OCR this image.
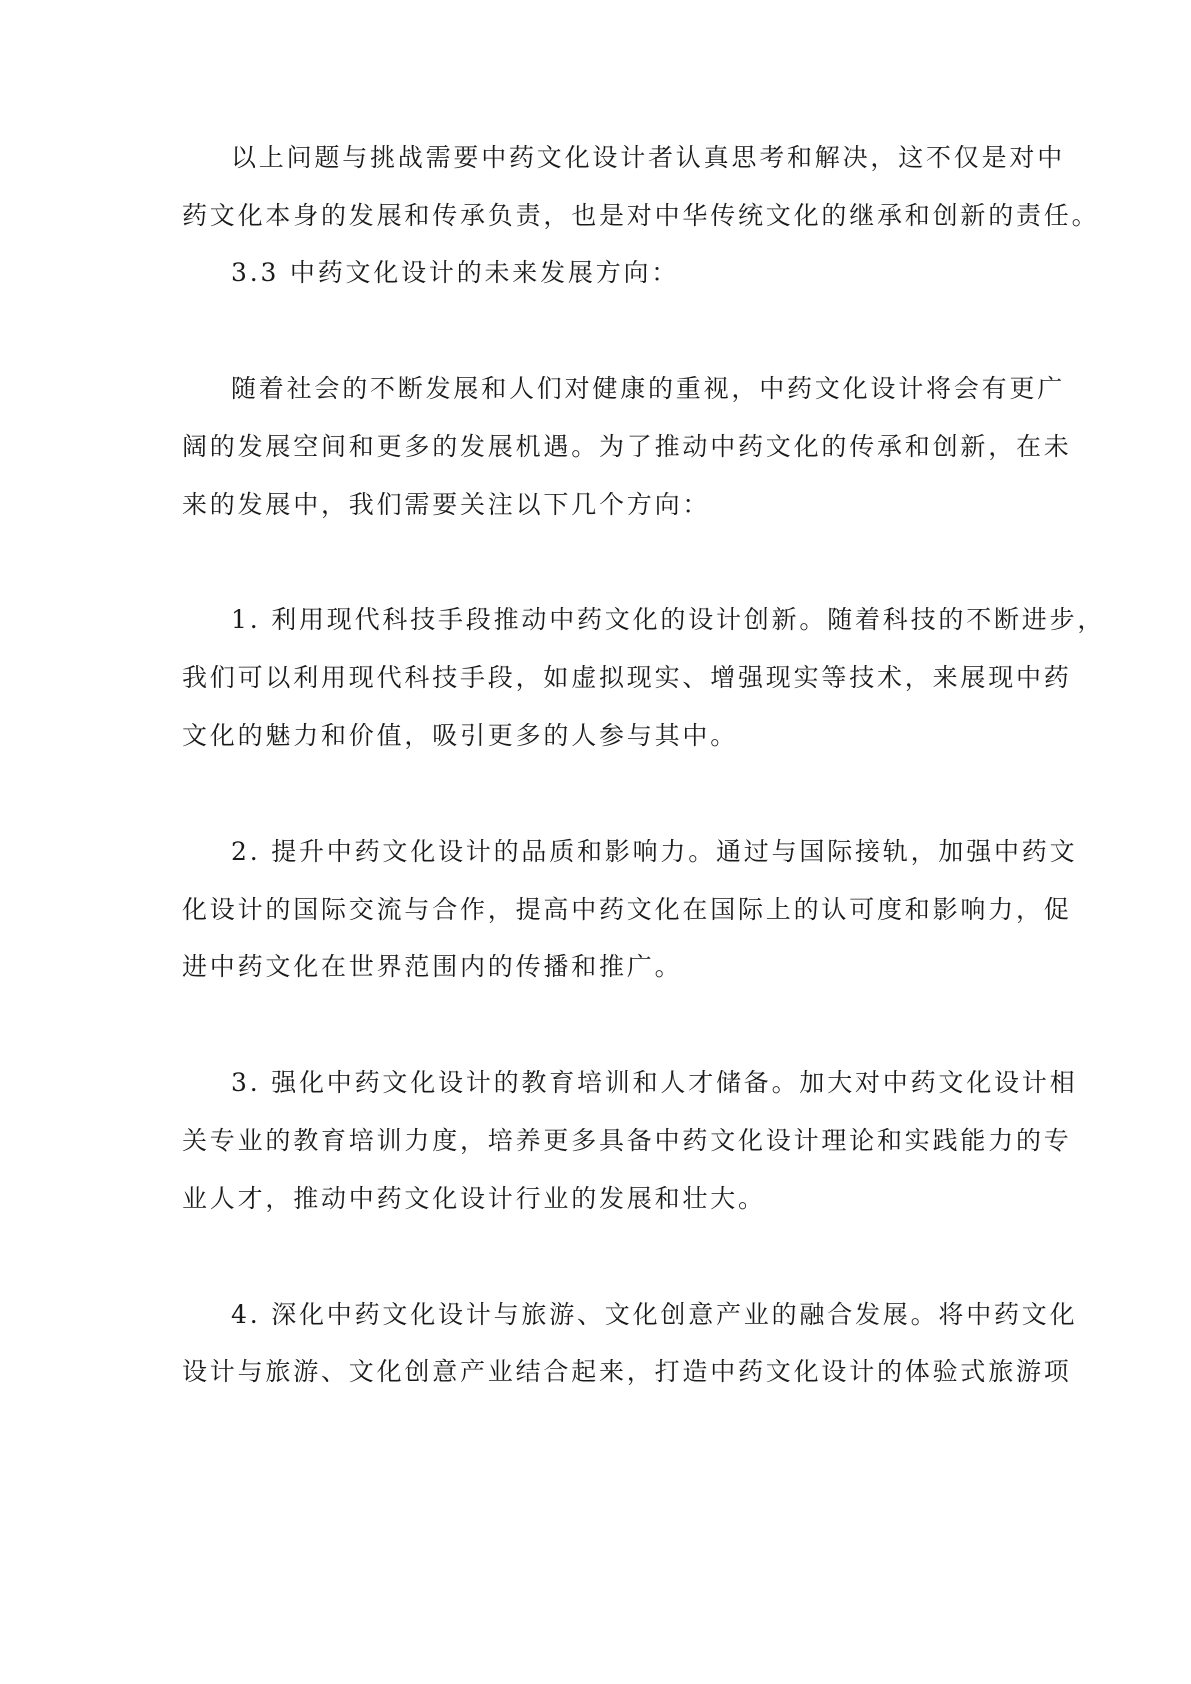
以上问题与挑战需要中药文化设计者认真思考和解决，这不仅是对中
药文化本身的发展和传承负责，也是对中华传统文化的继承和创新的责任。
3.3 中药文化设计的未来发展方向：
随着社会的不断发展和人们对健康的重视，中药文化设计将会有更广
阔的发展空间和更多的发展机遇。为了推动中药文化的传承和创新，在未
来的发展中，我们需要关注以下几个方向：
1. 利用现代科技手段推动中药文化的设计创新。随着科技的不断进步，
我们可以利用现代科技手段，如虚拟现实、增强现实等技术，来展现中药
文化的魅力和价值，吸引更多的人参与其中。
2. 提升中药文化设计的品质和影响力。通过与国际接轨，加强中药文
化设计的国际交流与合作，提高中药文化在国际上的认可度和影响力，促
进中药文化在世界范围内的传播和推广。
3. 强化中药文化设计的教育培训和人才储备。加大对中药文化设计相
关专业的教育培训力度，培养更多具备中药文化设计理论和实践能力的专
业人才，推动中药文化设计行业的发展和壮大。
4. 深化中药文化设计与旅游、文化创意产业的融合发展。将中药文化
设计与旅游、文化创意产业结合起来，打造中药文化设计的体验式旅游项
